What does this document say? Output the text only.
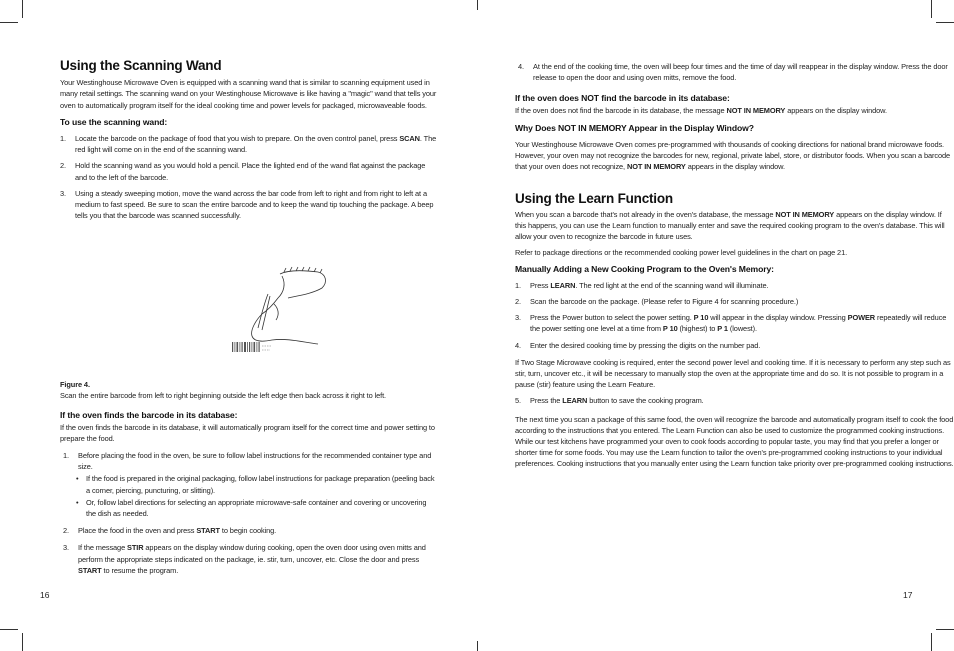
Using the Scanning Wand

Your Westinghouse Microwave Oven is equipped with a scanning wand that is similar to scanning equipment used in many retail settings. The scanning wand on your Westinghouse Microwave is like having a "magic" wand that tells your oven to automatically program itself for the ideal cooking time and power levels for packaged, microwaveable foods.

To use the scanning wand:
1.	Locate the barcode on the package of food that you wish to prepare. On the oven control panel, press SCAN. The red light will come on in the end of the scanning wand.
2.	Hold the scanning wand as you would hold a pencil. Place the lighted end of the wand flat against the package and to the left of the barcode.
3.	Using a steady sweeping motion, move the wand across the bar code from left to right and from right to left at a medium to fast speed. Be sure to scan the entire barcode and to keep the wand tip touching the package. A beep tells you that the barcode was scanned successfully.

Figure 4.

Scan the entire barcode from left to right beginning outside the left edge then back across it right to left.

If the oven finds the barcode in its database:

If the oven finds the barcode in its database, it will automatically program itself for the correct time and power setting to prepare the food.

1.	Before placing the food in the oven, be sure to follow label instructions for the recommended container type and size.
•	If the food is prepared in the original packaging, follow label instructions for package preparation (peeling back a corner, piercing, puncturing, or slitting).
•	Or, follow label directions for selecting an appropriate microwave-safe container and covering or uncovering the dish as needed.
2.	Place the food in the oven and press START to begin cooking.
3.	If the message STIR appears on the display window during cooking, open the oven door using oven mitts and perform the appropriate steps indicated on the package, ie. stir, turn, uncover, etc. Close the door and press START to resume the program.
16
4.	At the end of the cooking time, the oven will beep four times and the time of day will reappear in the display window. Press the door release to open the door and using oven mitts, remove the food.
If the oven does NOT find the barcode in its database:

If the oven does not find the barcode in its database, the message NOT IN MEMORY appears on the display window.

Why Does NOT IN MEMORY Appear in the Display Window?

Your Westinghouse Microwave Oven comes pre-programmed with thousands of cooking directions for national brand microwave foods. However, your oven may not recognize the barcodes for new, regional, private label, store, or distributor foods. When you scan a barcode that your oven does not recognize, NOT IN MEMORY appears in the display window.

Using the Learn Function

When you scan a barcode that's not already in the oven's database, the message NOT IN MEMORY appears on the display window. If this happens, you can use the Learn function to manually enter and save the required cooking program to the oven's database. This will allow your oven to recognize the barcode in future uses.

Refer to package directions or the recommended cooking power level guidelines in the chart on page 21.

Manually Adding a New Cooking Program to the Oven's Memory:
1.	Press LEARN. The red light at the end of the scanning wand will illuminate.
2.	Scan the barcode on the package. (Please refer to Figure 4 for scanning procedure.)
3.	Press the Power button to select the power setting. P 10 will appear in the display window. Pressing POWER repeatedly will reduce the power setting one level at a time from P 10 (highest) to P 1 (lowest).
4.	Enter the desired cooking time by pressing the digits on the number pad.

If Two Stage Microwave cooking is required, enter the second power level and cooking time. If it is necessary to perform any step such as stir, turn, uncover etc., it will be necessary to manually stop the oven at the appropriate time and do so. It is not possible to program in a pause (stir) feature using the Learn Feature.

5.	Press the LEARN button to save the cooking program.

The next time you scan a package of this same food, the oven will recognize the barcode and automatically program itself to cook the food according to the instructions that you entered. The Learn Function can also be used to customize the programmed cooking instructions. While our test kitchens have programmed your oven to cook foods according to popular taste, you may find that you prefer a longer or shorter time for some foods. You may use the Learn function to tailor the oven's pre-programmed cooking instructions to your individual preferences. Cooking instructions that you manually enter using the Learn function take priority over pre-programmed cooking instructions.

17
